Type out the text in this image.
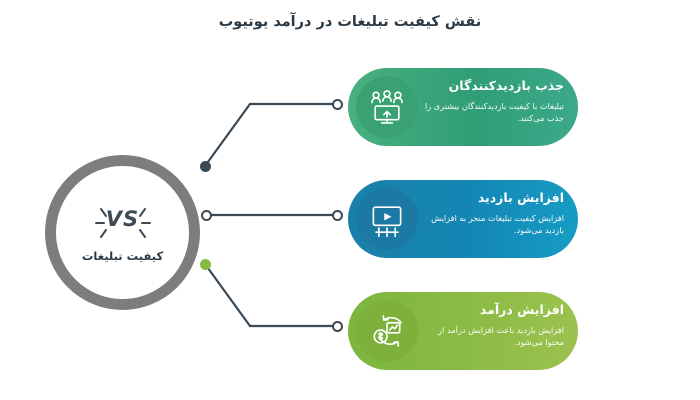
نقش کیفیت تبلیغات در درآمد یوتیوب
VS
کیفیت تبلیغات
جذب بازدیدکنندگان
تبلیغات با کیفیت بازدیدکنندگان بیشتری را جذب می‌کنند.
افزایش بازدید
افزایش کیفیت تبلیغات منجر به افزایش بازدید می‌شود.
افزایش درآمد
افزایش بازدید باعث افزایش درآمد از محتوا می‌شود.
